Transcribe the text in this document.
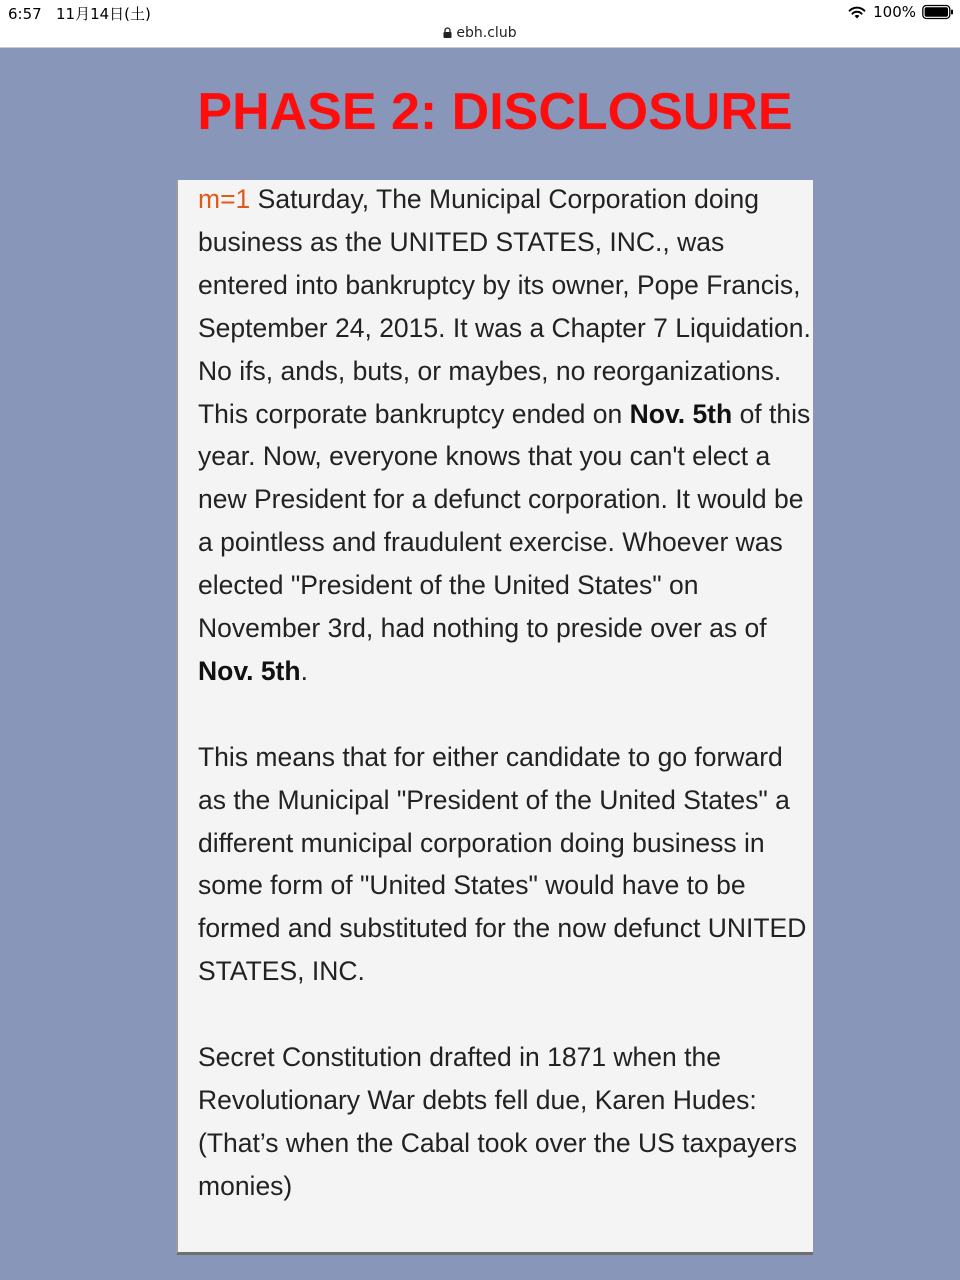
6:57 11月14日(土)	100%
ebh.club
PHASE 2: DISCLOSURE

m=1 Saturday, The Municipal Corporation doing business as the UNITED STATES, INC., was entered into bankruptcy by its owner, Pope Francis, September 24, 2015. It was a Chapter 7 Liquidation. No ifs, ands, buts, or maybes, no reorganizations. This corporate bankruptcy ended on Nov. 5th of this year. Now, everyone knows that you can't elect a new President for a defunct corporation. It would be a pointless and fraudulent exercise. Whoever was elected "President of the United States" on November 3rd, had nothing to preside over as of Nov. 5th.

This means that for either candidate to go forward as the Municipal "President of the United States" a different municipal corporation doing business in some form of "United States" would have to be formed and substituted for the now defunct UNITED STATES, INC.

Secret Constitution drafted in 1871 when the Revolutionary War debts fell due, Karen Hudes: (That’s when the Cabal took over the US taxpayers monies)
